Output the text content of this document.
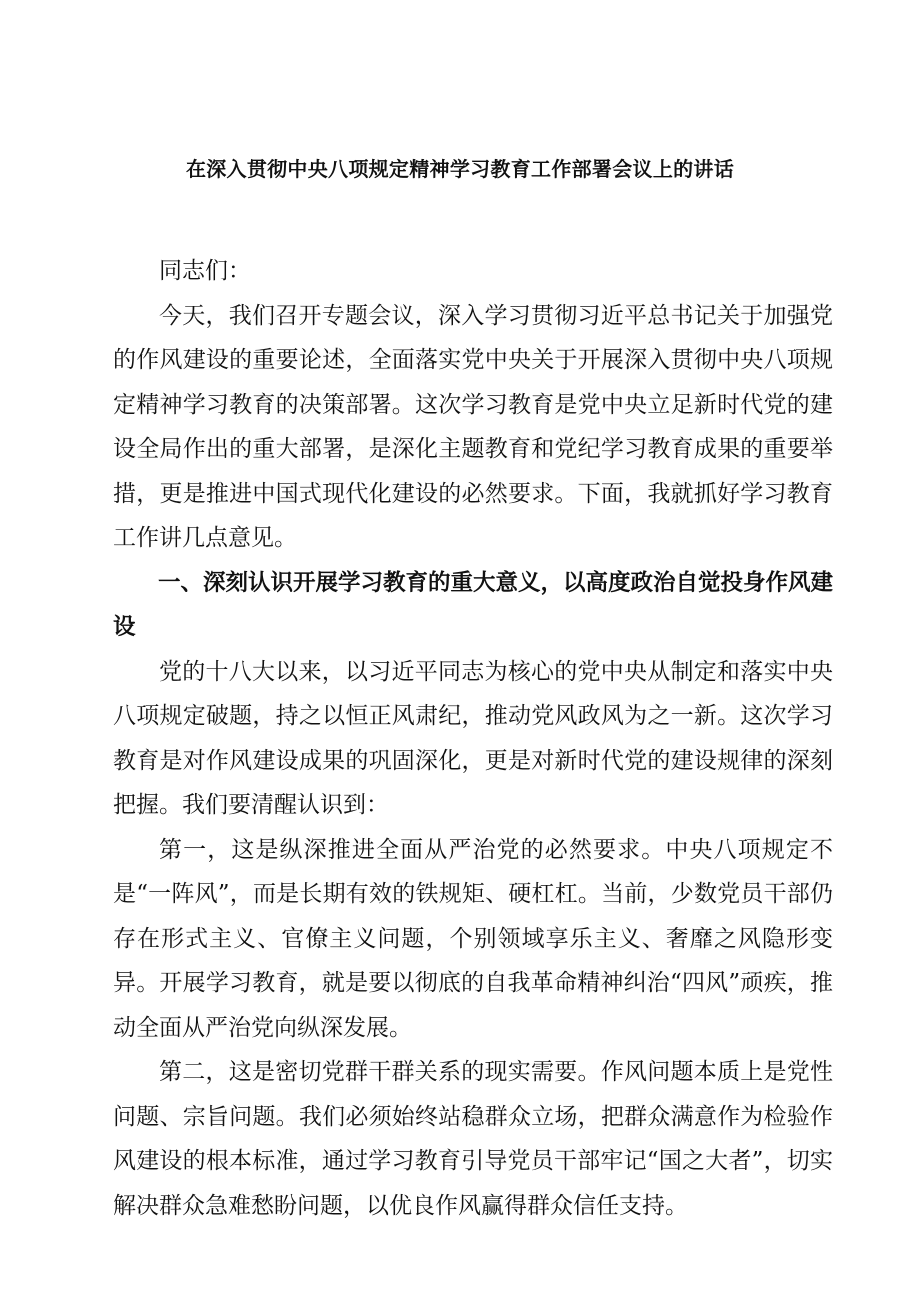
在深入贯彻中央八项规定精神学习教育工作部署会议上的讲话

同志们：

今天，我们召开专题会议，深入学习贯彻习近平总书记关于加强党的作风建设的重要论述，全面落实党中央关于开展深入贯彻中央八项规定精神学习教育的决策部署。这次学习教育是党中央立足新时代党的建设全局作出的重大部署，是深化主题教育和党纪学习教育成果的重要举措，更是推进中国式现代化建设的必然要求。下面，我就抓好学习教育工作讲几点意见。

一、深刻认识开展学习教育的重大意义，以高度政治自觉投身作风建设

党的十八大以来，以习近平同志为核心的党中央从制定和落实中央八项规定破题，持之以恒正风肃纪，推动党风政风为之一新。这次学习教育是对作风建设成果的巩固深化，更是对新时代党的建设规律的深刻把握。我们要清醒认识到：

第一，这是纵深推进全面从严治党的必然要求。中央八项规定不是“一阵风”，而是长期有效的铁规矩、硬杠杠。当前，少数党员干部仍存在形式主义、官僚主义问题，个别领域享乐主义、奢靡之风隐形变异。开展学习教育，就是要以彻底的自我革命精神纠治“四风”顽疾，推动全面从严治党向纵深发展。

第二，这是密切党群干群关系的现实需要。作风问题本质上是党性问题、宗旨问题。我们必须始终站稳群众立场，把群众满意作为检验作风建设的根本标准，通过学习教育引导党员干部牢记“国之大者”，切实解决群众急难愁盼问题，以优良作风赢得群众信任支持。
